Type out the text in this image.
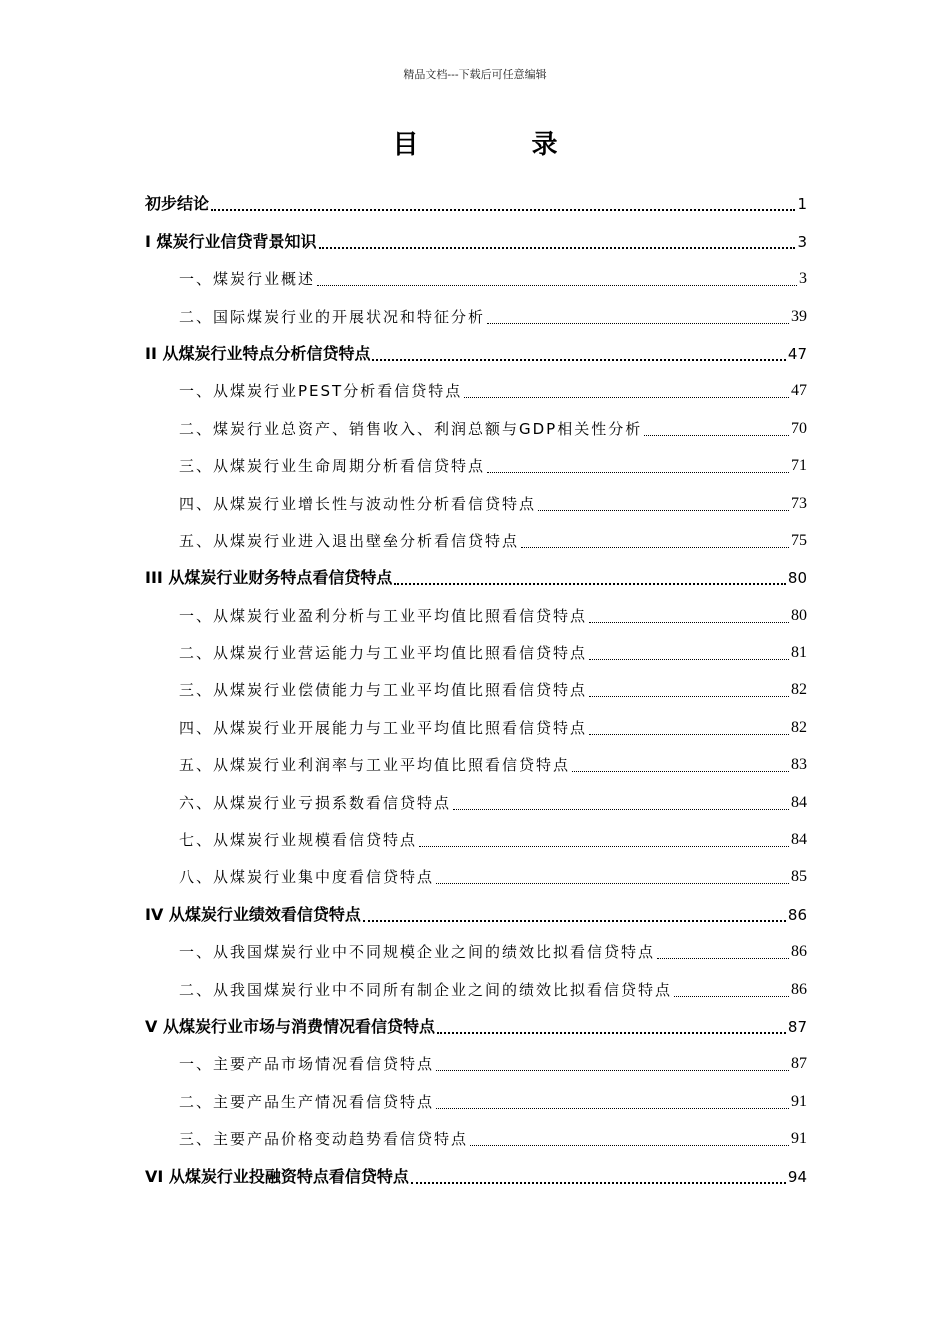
精品文档---下载后可任意编辑
目 录
初步结论	1
I 煤炭行业信贷背景知识	3
一、煤炭行业概述	3
二、国际煤炭行业的开展状况和特征分析	39
II 从煤炭行业特点分析信贷特点	47
一、从煤炭行业PEST分析看信贷特点	47
二、煤炭行业总资产、销售收入、利润总额与GDP相关性分析	70
三、从煤炭行业生命周期分析看信贷特点	71
四、从煤炭行业增长性与波动性分析看信贷特点	73
五、从煤炭行业进入退出壁垒分析看信贷特点	75
III 从煤炭行业财务特点看信贷特点	80
一、从煤炭行业盈利分析与工业平均值比照看信贷特点	80
二、从煤炭行业营运能力与工业平均值比照看信贷特点	81
三、从煤炭行业偿债能力与工业平均值比照看信贷特点	82
四、从煤炭行业开展能力与工业平均值比照看信贷特点	82
五、从煤炭行业利润率与工业平均值比照看信贷特点	83
六、从煤炭行业亏损系数看信贷特点	84
七、从煤炭行业规模看信贷特点	84
八、从煤炭行业集中度看信贷特点	85
IV 从煤炭行业绩效看信贷特点	86
一、从我国煤炭行业中不同规模企业之间的绩效比拟看信贷特点	86
二、从我国煤炭行业中不同所有制企业之间的绩效比拟看信贷特点	86
V 从煤炭行业市场与消费情况看信贷特点	87
一、主要产品市场情况看信贷特点	87
二、主要产品生产情况看信贷特点	91
三、主要产品价格变动趋势看信贷特点	91
VI 从煤炭行业投融资特点看信贷特点	94
